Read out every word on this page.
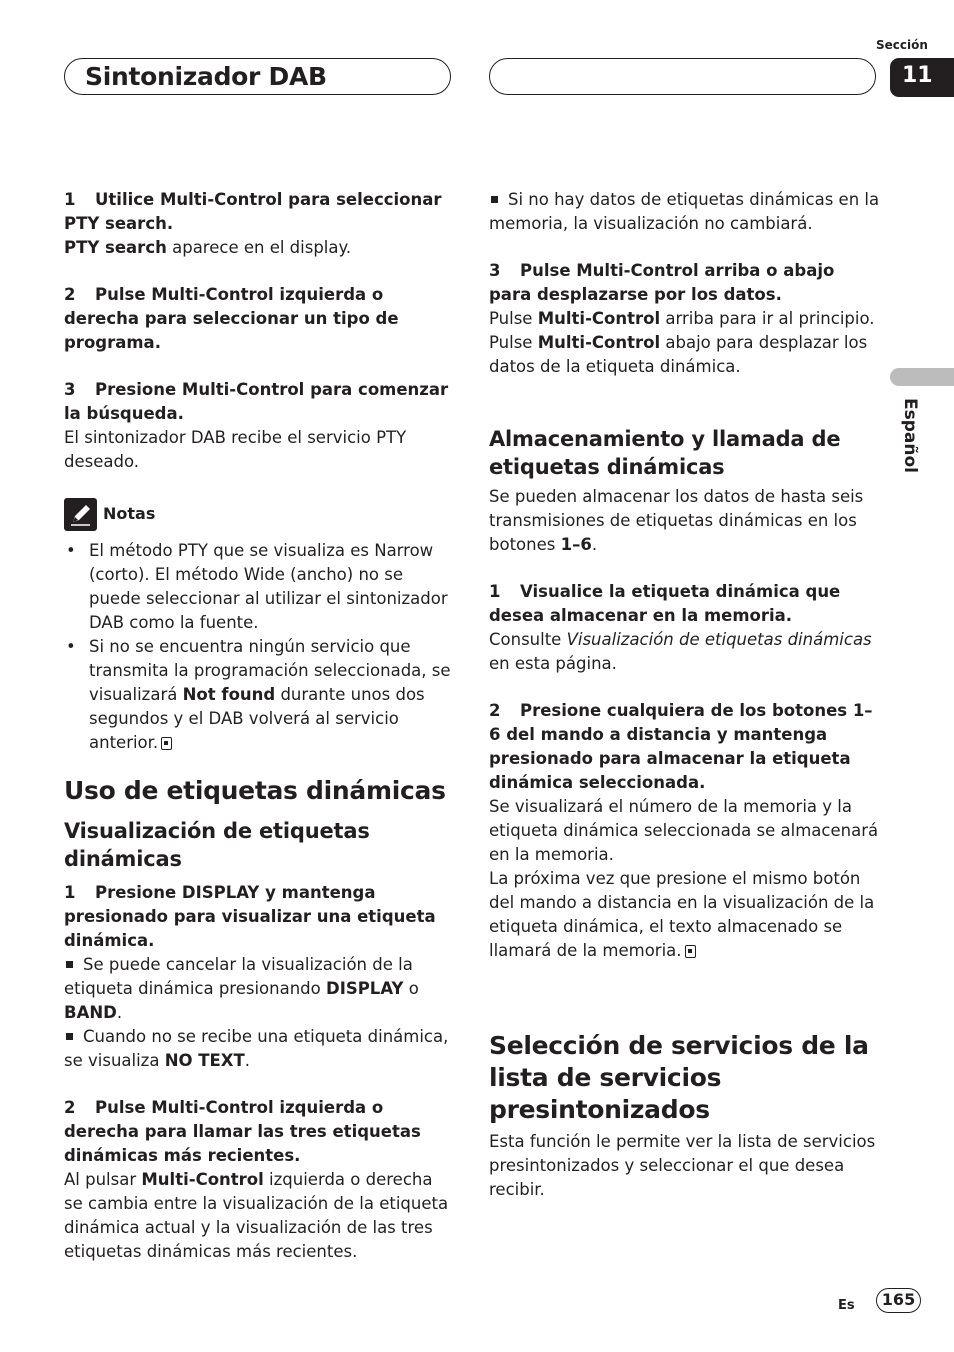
Sintonizador DAB
Sección
11
Español

1 Utilice Multi-Control para seleccionar PTY search.

PTY search aparece en el display.

2 Pulse Multi-Control izquierda o derecha para seleccionar un tipo de programa.

3 Presione Multi-Control para comenzar la búsqueda.

El sintonizador DAB recibe el servicio PTY deseado.

Notas

• El método PTY que se visualiza es Narrow (corto). El método Wide (ancho) no se puede seleccionar al utilizar el sintonizador DAB como la fuente.

• Si no se encuentra ningún servicio que transmita la programación seleccionada, se visualizará Not found durante unos dos segundos y el DAB volverá al servicio anterior.

Uso de etiquetas dinámicas

Visualización de etiquetas dinámicas

1 Presione DISPLAY y mantenga presionado para visualizar una etiqueta dinámica.

Se puede cancelar la visualización de la etiqueta dinámica presionando DISPLAY o BAND.

Cuando no se recibe una etiqueta dinámica, se visualiza NO TEXT.

2 Pulse Multi-Control izquierda o derecha para llamar las tres etiquetas dinámicas más recientes.

Al pulsar Multi-Control izquierda o derecha se cambia entre la visualización de la etiqueta dinámica actual y la visualización de las tres etiquetas dinámicas más recientes.

Si no hay datos de etiquetas dinámicas en la memoria, la visualización no cambiará.

3 Pulse Multi-Control arriba o abajo para desplazarse por los datos.

Pulse Multi-Control arriba para ir al principio.

Pulse Multi-Control abajo para desplazar los datos de la etiqueta dinámica.

Almacenamiento y llamada de etiquetas dinámicas

Se pueden almacenar los datos de hasta seis transmisiones de etiquetas dinámicas en los botones 1–6.

1 Visualice la etiqueta dinámica que desea almacenar en la memoria.

Consulte Visualización de etiquetas dinámicas en esta página.

2 Presione cualquiera de los botones 1–6 del mando a distancia y mantenga presionado para almacenar la etiqueta dinámica seleccionada.

Se visualizará el número de la memoria y la etiqueta dinámica seleccionada se almacenará en la memoria.

La próxima vez que presione el mismo botón del mando a distancia en la visualización de la etiqueta dinámica, el texto almacenado se llamará de la memoria.

Selección de servicios de la lista de servicios presintonizados

Esta función le permite ver la lista de servicios presintonizados y seleccionar el que desea recibir.

Es	165
